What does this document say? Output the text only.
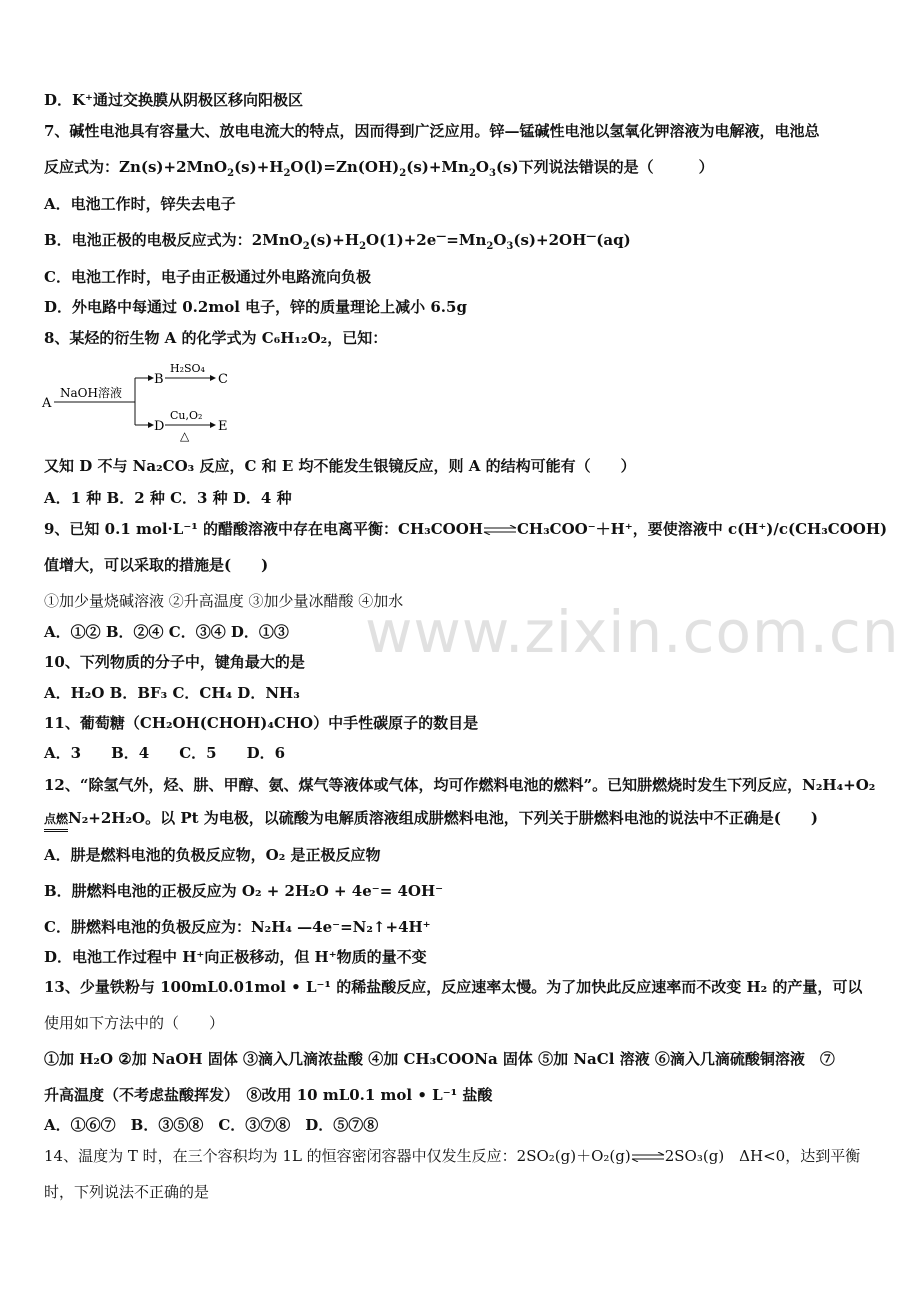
D．K⁺通过交换膜从阴极区移向阳极区
7、碱性电池具有容量大、放电电流大的特点，因而得到广泛应用。锌—锰碱性电池以氢氧化钾溶液为电解液，电池总
反应式为：$Zn(s)+2MnO_2(s)+H_2O(l)=Zn(OH)_2(s)+Mn_2O_3(s)$下列说法错误的是（　　　）
A．电池工作时，锌失去电子
B．电池正极的电极反应式为：$2MnO_2(s)+H_2O(1)+2e^—=Mn_2O_3(s)+2OH^—(aq)$
C．电池工作时，电子由正极通过外电路流向负极
D．外电路中每通过 0.2mol 电子，锌的质量理论上减小 6.5g
8、某烃的衍生物 A 的化学式为 C₆H₁₂O₂，已知：
A
NaOH溶液
B
H₂SO₄
C
D
Cu,O₂
△
E
又知 D 不与 Na₂CO₃ 反应，C 和 E 均不能发生银镜反应，则 A 的结构可能有（　　）
A．1 种 B．2 种 C．3 种 D．4 种
9、已知 0.1 mol·L⁻¹ 的醋酸溶液中存在电离平衡：CH₃COOH⇌CH₃COO⁻＋H⁺，要使溶液中 c(H⁺)/c(CH₃COOH)
值增大，可以采取的措施是(　　)
①加少量烧碱溶液 ②升高温度 ③加少量冰醋酸 ④加水
A．①② B．②④ C．③④ D．①③
10、下列物质的分子中，键角最大的是
A．H₂O B．BF₃ C．CH₄ D．NH₃
11、葡萄糖（CH₂OH(CHOH)₄CHO）中手性碳原子的数目是
A．3　　B．4　　C．5　　D．6
12、“除氢气外，烃、肼、甲醇、氨、煤气等液体或气体，均可作燃料电池的燃料”。已知肼燃烧时发生下列反应，N₂H₄+O₂
点燃
N₂+2H₂O。以 Pt 为电极，以硫酸为电解质溶液组成肼燃料电池，下列关于肼燃料电池的说法中不正确是(　　)
A．肼是燃料电池的负极反应物，O₂ 是正极反应物
B．肼燃料电池的正极反应为 O₂ + 2H₂O + 4e⁻= 4OH⁻
C．肼燃料电池的负极反应为：N₂H₄ —4e⁻=N₂↑+4H⁺
D．电池工作过程中 H⁺向正极移动，但 H⁺物质的量不变
13、少量铁粉与 100mL0.01mol • L⁻¹ 的稀盐酸反应，反应速率太慢。为了加快此反应速率而不改变 H₂ 的产量，可以
使用如下方法中的（　　）
①加 H₂O ②加 NaOH 固体 ③滴入几滴浓盐酸 ④加 CH₃COONa 固体 ⑤加 NaCl 溶液 ⑥滴入几滴硫酸铜溶液　⑦
升高温度（不考虑盐酸挥发）　⑧改用 10 mL0.1 mol • L⁻¹ 盐酸
A．①⑥⑦　B．③⑤⑧　C．③⑦⑧　D．⑤⑦⑧
14、温度为 T 时，在三个容积均为 1L 的恒容密闭容器中仅发生反应：2SO₂(g)＋O₂(g)⇌2SO₃(g)　ΔH<0，达到平衡
时，下列说法不正确的是
www.zixin.com.cn
